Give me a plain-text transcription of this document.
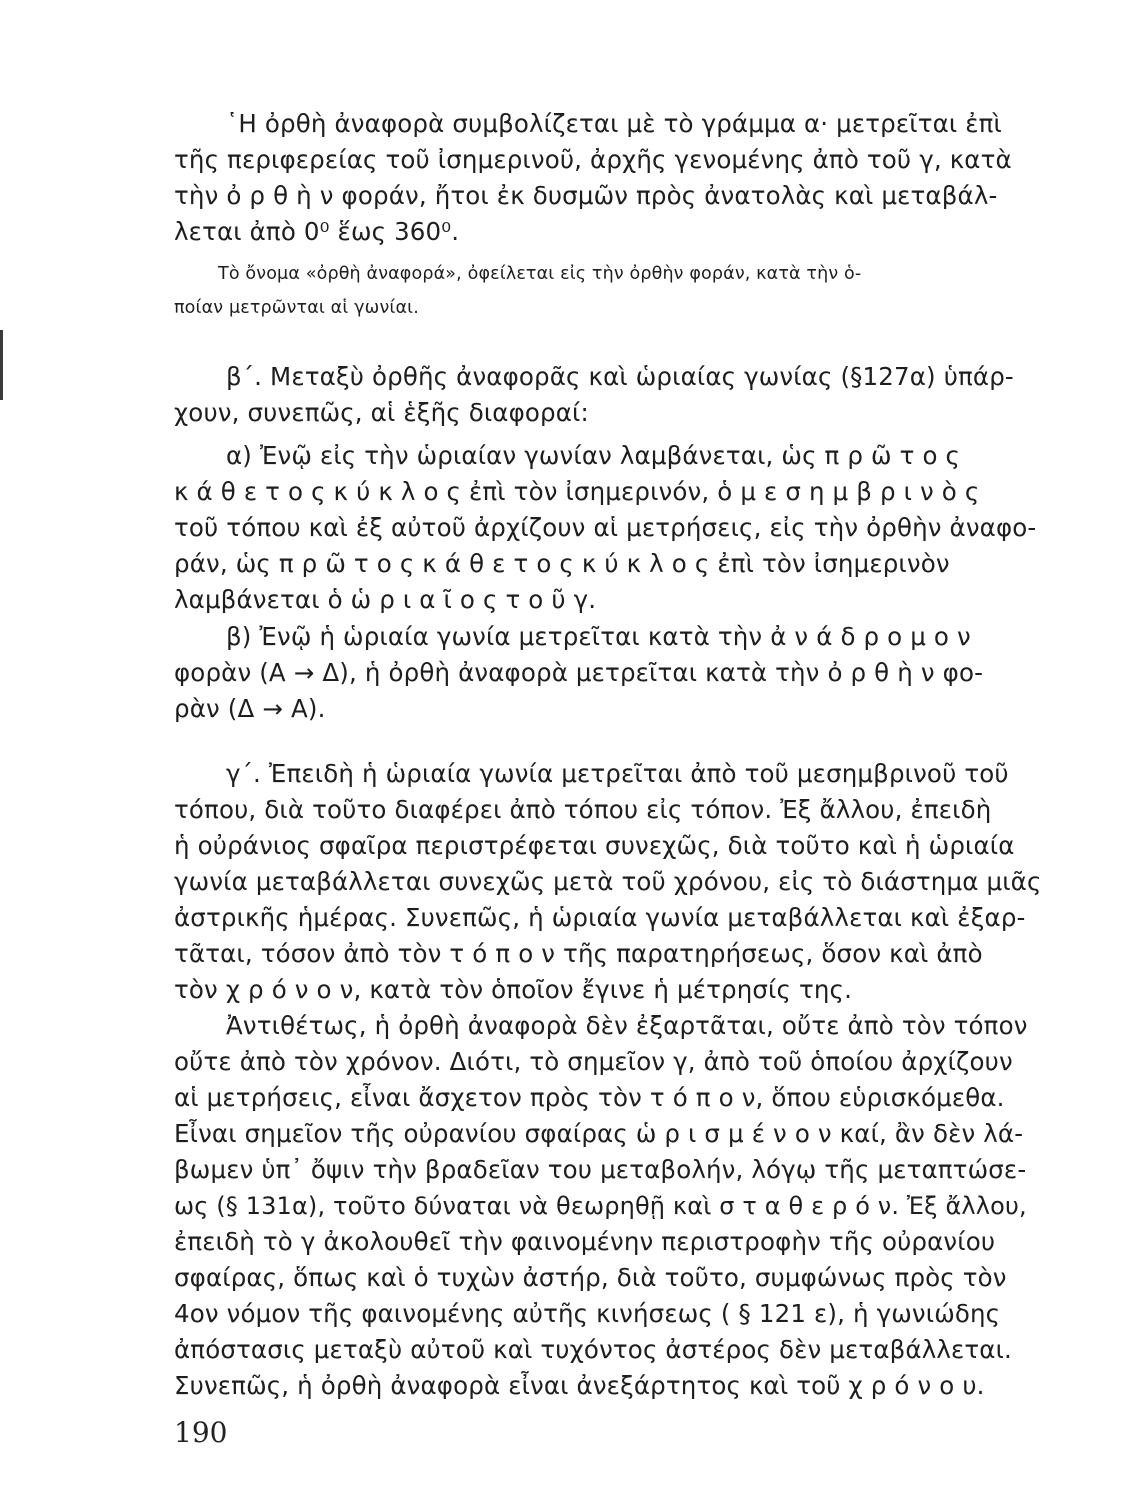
῾Η ὀρθὴ ἀναφορὰ συμβολίζεται μὲ τὸ γράμμα α· μετρεῖται ἐπὶ
τῆς περιφερείας τοῦ ἰσημερινοῦ, ἀρχῆς γενομένης ἀπὸ τοῦ γ, κατὰ
τὴν ὀ ρ θ ὴ ν φοράν, ἤτοι ἐκ δυσμῶν πρὸς ἀνατολὰς καὶ μεταβάλ-
λεται ἀπὸ 0⁰ ἕως 360⁰.
Τὸ ὄνομα «ὀρθὴ ἀναφορά», ὀφείλεται εἰς τὴν ὀρθὴν φοράν, κατὰ τὴν ὁ-
ποίαν μετρῶνται αἱ γωνίαι.
β΄. Μεταξὺ ὀρθῆς ἀναφορᾶς καὶ ὡριαίας γωνίας (§127α) ὑπάρ-
χουν, συνεπῶς, αἱ ἑξῆς διαφοραί:
α) Ἐνῷ εἰς τὴν ὡριαίαν γωνίαν λαμβάνεται, ὡς π ρ ῶ τ ο ς
κ ά θ ε τ ο ς κ ύ κ λ ο ς ἐπὶ τὸν ἰσημερινόν, ὁ μ ε σ η μ β ρ ι ν ὸ ς
τοῦ τόπου καὶ ἐξ αὐτοῦ ἀρχίζουν αἱ μετρήσεις, εἰς τὴν ὀρθὴν ἀναφο-
ράν, ὡς π ρ ῶ τ ο ς κ ά θ ε τ ο ς κ ύ κ λ ο ς ἐπὶ τὸν ἰσημερινὸν
λαμβάνεται ὁ ὡ ρ ι α ῖ ο ς τ ο ῦ γ.
β) Ἐνῷ ἡ ὡριαία γωνία μετρεῖται κατὰ τὴν ἀ ν ά δ ρ ο μ ο ν
φορὰν (Α → Δ), ἡ ὀρθὴ ἀναφορὰ μετρεῖται κατὰ τὴν ὀ ρ θ ὴ ν φο-
ρὰν (Δ → Α).
γ΄. Ἐπειδὴ ἡ ὡριαία γωνία μετρεῖται ἀπὸ τοῦ μεσημβρινοῦ τοῦ
τόπου, διὰ τοῦτο διαφέρει ἀπὸ τόπου εἰς τόπον. Ἐξ ἄλλου, ἐπειδὴ
ἡ οὐράνιος σφαῖρα περιστρέφεται συνεχῶς, διὰ τοῦτο καὶ ἡ ὡριαία
γωνία μεταβάλλεται συνεχῶς μετὰ τοῦ χρόνου, εἰς τὸ διάστημα μιᾶς
ἀστρικῆς ἡμέρας. Συνεπῶς, ἡ ὡριαία γωνία μεταβάλλεται καὶ ἐξαρ-
τᾶται, τόσον ἀπὸ τὸν τ ό π ο ν τῆς παρατηρήσεως, ὅσον καὶ ἀπὸ
τὸν χ ρ ό ν ο ν, κατὰ τὸν ὁποῖον ἔγινε ἡ μέτρησίς της.
Ἀντιθέτως, ἡ ὀρθὴ ἀναφορὰ δὲν ἐξαρτᾶται, οὔτε ἀπὸ τὸν τόπον
οὔτε ἀπὸ τὸν χρόνον. Διότι, τὸ σημεῖον γ, ἀπὸ τοῦ ὁποίου ἀρχίζουν
αἱ μετρήσεις, εἶναι ἄσχετον πρὸς τὸν τ ό π ο ν, ὅπου εὑρισκόμεθα.
Εἶναι σημεῖον τῆς οὐρανίου σφαίρας ὡ ρ ι σ μ έ ν ο ν καί, ἂν δὲν λά-
βωμεν ὑπ᾽ ὄψιν τὴν βραδεῖαν του μεταβολήν, λόγῳ τῆς μεταπτώσε-
ως (§ 131α), τοῦτο δύναται νὰ θεωρηθῇ καὶ σ τ α θ ε ρ ό ν. Ἐξ ἄλλου,
ἐπειδὴ τὸ γ ἀκολουθεῖ τὴν φαινομένην περιστροφὴν τῆς οὐρανίου
σφαίρας, ὅπως καὶ ὁ τυχὼν ἀστήρ, διὰ τοῦτο, συμφώνως πρὸς τὸν
4ον νόμον τῆς φαινομένης αὐτῆς κινήσεως ( § 121 ε), ἡ γωνιώδης
ἀπόστασις μεταξὺ αὐτοῦ καὶ τυχόντος ἀστέρος δὲν μεταβάλλεται.
Συνεπῶς, ἡ ὀρθὴ ἀναφορὰ εἶναι ἀνεξάρτητος καὶ τοῦ χ ρ ό ν ο υ.
190
